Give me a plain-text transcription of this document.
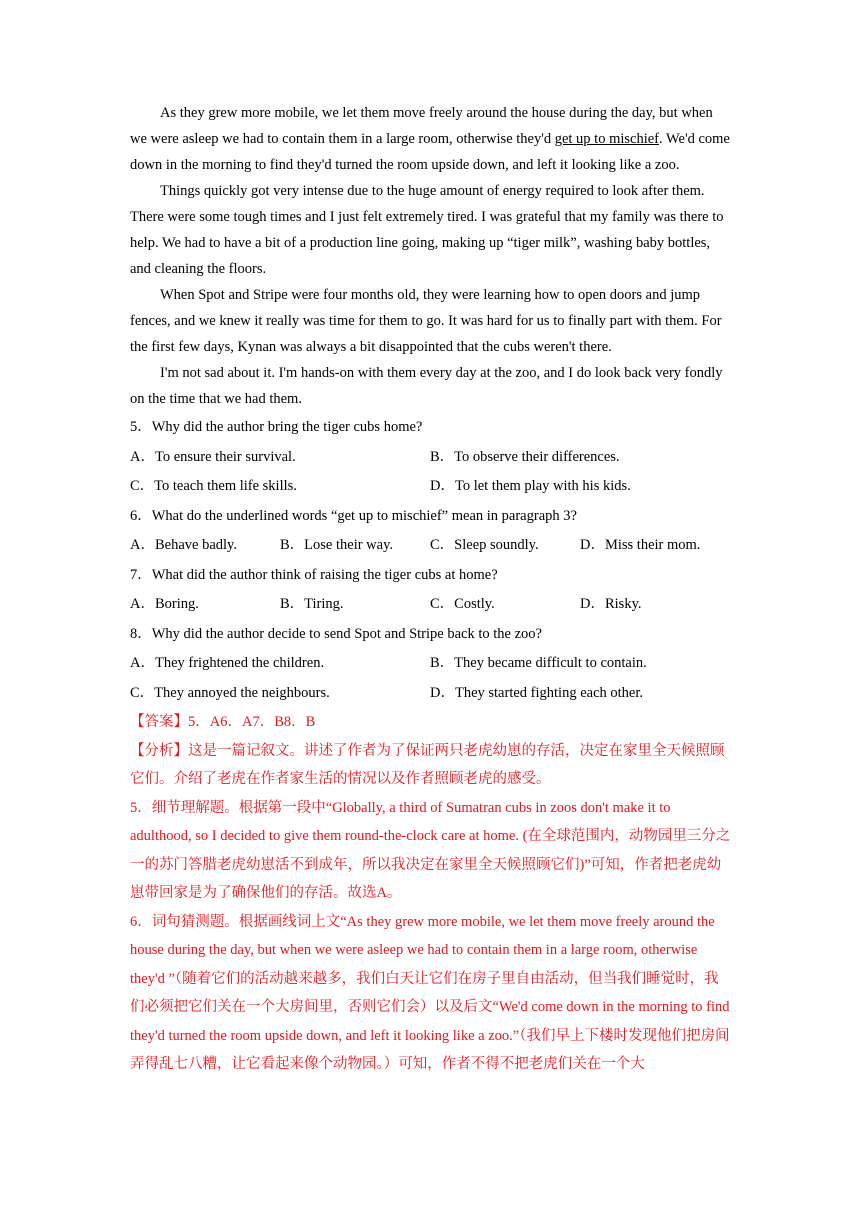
As they grew more mobile, we let them move freely around the house during the day, but when we were asleep we had to contain them in a large room, otherwise they'd get up to mischief. We'd come down in the morning to find they'd turned the room upside down, and left it looking like a zoo.

Things quickly got very intense due to the huge amount of energy required to look after them. There were some tough times and I just felt extremely tired. I was grateful that my family was there to help. We had to have a bit of a production line going, making up “tiger milk”, washing baby bottles, and cleaning the floors.

When Spot and Stripe were four months old, they were learning how to open doors and jump fences, and we knew it really was time for them to go. It was hard for us to finally part with them. For the first few days, Kynan was always a bit disappointed that the cubs weren't there.

I'm not sad about it. I'm hands-on with them every day at the zoo, and I do look back very fondly on the time that we had them.

5．Why did the author bring the tiger cubs home?

A．To ensure their survival.	B．To observe their differences.
C．To teach them life skills.	D．To let them play with his kids.

6．What do the underlined words “get up to mischief” mean in paragraph 3?

A．Behave badly.	B．Lose their way.	C．Sleep soundly.	D．Miss their mom.

7．What did the author think of raising the tiger cubs at home?

A．Boring.	B．Tiring.	C．Costly.	D．Risky.

8．Why did the author decide to send Spot and Stripe back to the zoo?

A．They frightened the children.	B．They became difficult to contain.
C．They annoyed the neighbours.	D．They started fighting each other.

【答案】5．A6．A7．B8．B

【分析】这是一篇记叙文。讲述了作者为了保证两只老虎幼崽的存活，决定在家里全天候照顾它们。介绍了老虎在作者家生活的情况以及作者照顾老虎的感受。

5．细节理解题。根据第一段中“Globally, a third of Sumatran cubs in zoos don't make it to adulthood, so I decided to give them round-the-clock care at home. (在全球范围内，动物园里三分之一的苏门答腊老虎幼崽活不到成年，所以我决定在家里全天候照顾它们)”可知，作者把老虎幼崽带回家是为了确保他们的存活。故选A。

6．词句猜测题。根据画线词上文“As they grew more mobile, we let them move freely around the house during the day, but when we were asleep we had to contain them in a large room, otherwise they'd ”（随着它们的活动越来越多，我们白天让它们在房子里自由活动，但当我们睡觉时，我们必须把它们关在一个大房间里，否则它们会）以及后文“We'd come down in the morning to find they'd turned the room upside down, and left it looking like a zoo.”（我们早上下楼时发现他们把房间弄得乱七八糟，让它看起来像个动物园。）可知，作者不得不把老虎们关在一个大
